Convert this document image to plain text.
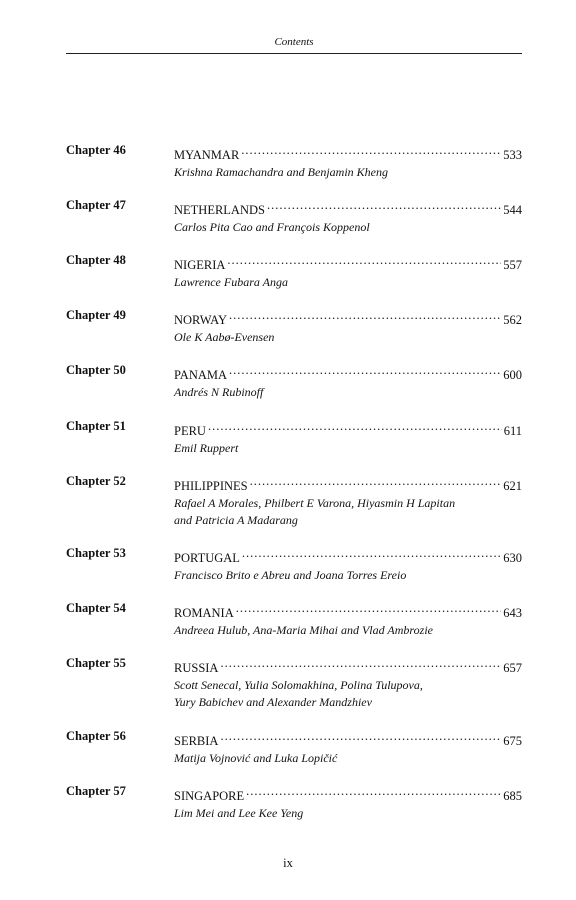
Contents
Chapter 46	MYANMAR .....	533
Krishna Ramachandra and Benjamin Kheng
Chapter 47	NETHERLANDS .....	544
Carlos Pita Cao and François Koppenol
Chapter 48	NIGERIA .....	557
Lawrence Fubara Anga
Chapter 49	NORWAY .....	562
Ole K Aabø-Evensen
Chapter 50	PANAMA .....	600
Andrés N Rubinoff
Chapter 51	PERU .....	611
Emil Ruppert
Chapter 52	PHILIPPINES .....	621
Rafael A Morales, Philbert E Varona, Hiyasmin H Lapitan
and Patricia A Madarang
Chapter 53	PORTUGAL .....	630
Francisco Brito e Abreu and Joana Torres Ereio
Chapter 54	ROMANIA .....	643
Andreea Hulub, Ana-Maria Mihai and Vlad Ambrozie
Chapter 55	RUSSIA .....	657
Scott Senecal, Yulia Solomakhina, Polina Tulupova,
Yury Babichev and Alexander Mandzhiev
Chapter 56	SERBIA .....	675
Matija Vojnović and Luka Lopičić
Chapter 57	SINGAPORE .....	685
Lim Mei and Lee Kee Yeng
ix
